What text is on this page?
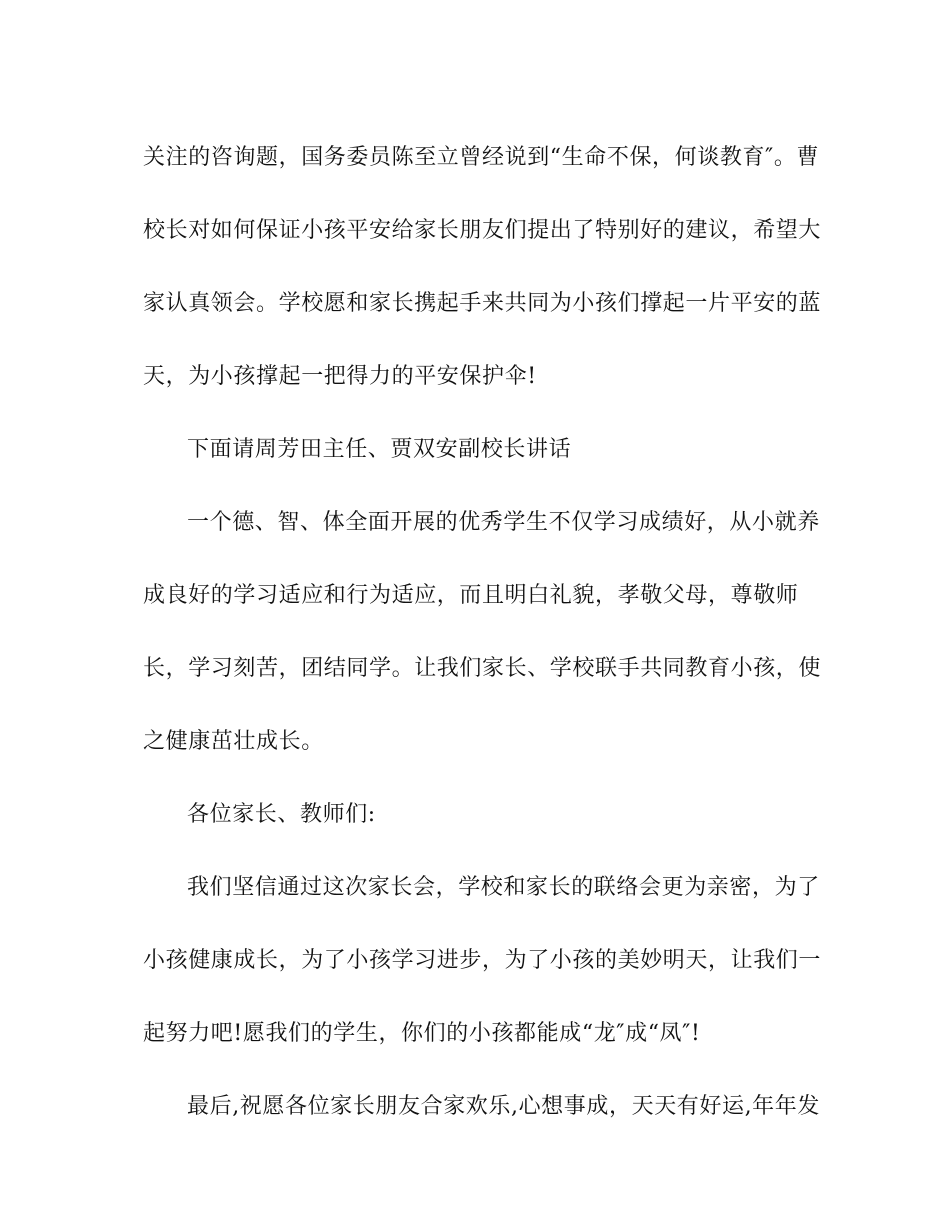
关注的咨询题，国务委员陈至立曾经说到“生命不保，何谈教育″。曹
校长对如何保证小孩平安给家长朋友们提出了特别好的建议，希望大
家认真领会。学校愿和家长携起手来共同为小孩们撑起一片平安的蓝
天，为小孩撑起一把得力的平安保护伞!

下面请周芳田主任、贾双安副校长讲话

一个德、智、体全面开展的优秀学生不仅学习成绩好，从小就养
成良好的学习适应和行为适应，而且明白礼貌，孝敬父母，尊敬师
长，学习刻苦，团结同学。让我们家长、学校联手共同教育小孩，使
之健康茁壮成长。

各位家长、教师们:

我们坚信通过这次家长会，学校和家长的联络会更为亲密，为了
小孩健康成长，为了小孩学习进步，为了小孩的美妙明天，让我们一
起努力吧!愿我们的学生，你们的小孩都能成“龙″成“凤″!

最后,祝愿各位家长朋友合家欢乐,心想事成，天天有好运,年年发
